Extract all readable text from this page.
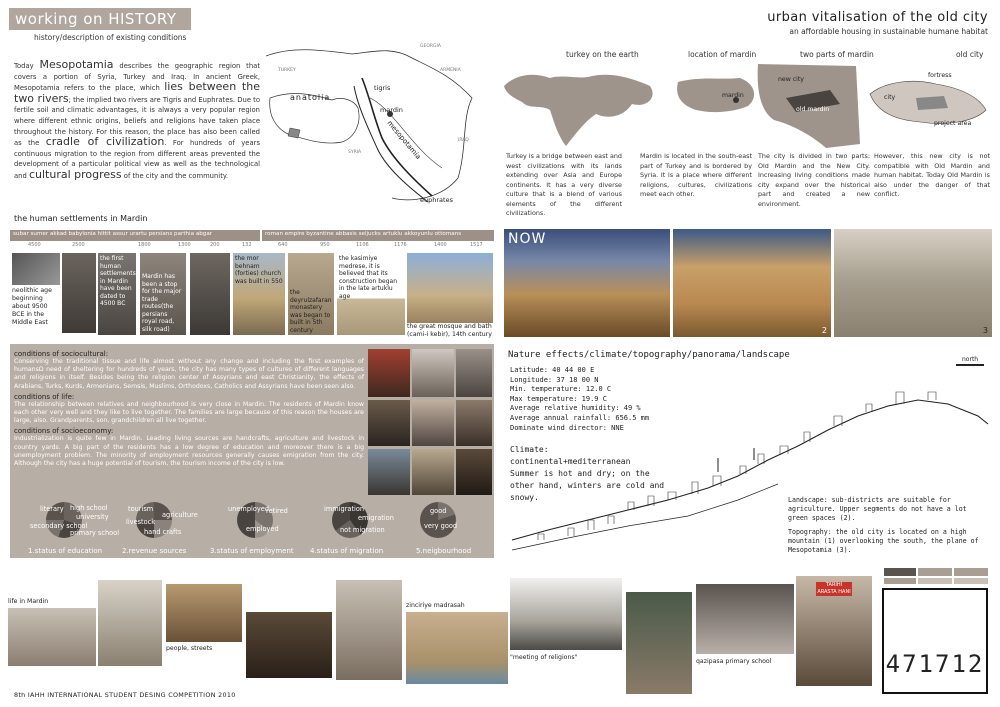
working on HISTORY
history/description of existing conditions
urban vitalisation of the old city
an affordable housing in sustainable humane habitat
Today Mesopotamia describes the geographic region that covers a portion of Syria, Turkey and Iraq. In ancient Greek, Mesopotamia refers to the place, which lies between the two rivers; the implied two rivers are Tigris and Euphrates. Due to fertile soil and climatic advantages, it is always a very popular region where different ethnic origins, beliefs and religions have taken place throughout the history. For this reason, the place has also been called as the cradle of civilization. For hundreds of years continuous migration to the region from different areas prevented the development of a particular political view as well as the technological and cultural progress of the city and the community.
anatolia
tigris
mardin
mesopotamia
euphrates
GEORGIA
ARMENIA
IRAQ
SYRIA
TURKEY
turkey on the earth	location of mardin	two parts of mardin	old city
mardin
new city
old mardin
fortress
city
project area
Turkey is a bridge between east and west civilizations with its lands extending over Asia and Europe continents. It has a very diverse culture that is a blend of various elements of the different civilizations.
Mardin is located in the south-east part of Turkey and is bordered by Syria. It is a place where different religions, cultures, civilizations meet each other.
The city is divided in two parts: Old Mardin and the New City. Increasing living conditions made city expand over the historical part and created a new environment.
However, this new city is not compatible with Old Mardin and human habitat. Today Old Mardin is also under the danger of that conflict.
the human settlements in Mardin
subar sumer akkad babylonia hittit assur urartu persians parthia abgar	roman empire byzantine abbasis seljucks artuklu akkoyunlu ottomans
4500	2500	1800	1300	200	132	640	950	1106	1176	1400	1517
neolithic age beginning about 9500 BCE in the Middle East
the first human settlements in Mardin have been dated to 4500 BC
Mardin has been a stop for the major trade routes(the persians royal road, silk road)
the mor behnam (forties) church was built in 550
the deyrulzafaran monastery was began to built in 5th century
the kasimiye medrese, it is believed that its construction began in the late artuklu age
the great mosque and bath (cami-i kebir), 14th century
NOW
2	3
conditions of sociocultural:
Conserving the traditional tissue and life almost without any change and including the first examples of humansΩ need of sheltering for hundreds of years, the city has many types of cultures of different languages and religions in itself. Besides being the religion center of Assyrians and east Christianity, the effects of Arabians, Turks, Kurds, Armenians, Semsis, Muslims, Orthodoxs, Catholics and Assyrians have been seen also.
conditions of life:
The relationship between relatives and neighbourhood is very close in Mardin. The residents of Mardin know each other very well and they like to live together. The families are large because of this reason the houses are large, also. Grandparents, son, grandchildren all live together.
conditions of socioeconomy:
Industrialization is quite few in Mardin. Leading living sources are handcrafts, agriculture and livestock in country yards. A big part of the residents has a low degree of education and moreover there is a big unemployment problem. The minority of employment resources generally causes emigration from the city. Although the city has a huge potential of tourism, the tourism income of the city is low.
literary high school
university
secondary school
primary school
1.status of education
tourism
agriculture
livestock
hand crafts
2.revenue sources
unemployed
retired
employed
3.status of employment
immigration
emigration
not migration
4.status of migration
good
very good
5.neigbourhood
Nature effects/climate/topography/panorama/landscape
Latitude: 40 44 00 E
Longitude: 37 18 00 N
Min. temperature: 12.0 C
Max temperature: 19.9 C
Average relative humidity: 49 %
Average annual rainfall: 656.5 mm
Dominate wind director: NNE
Climate: continental+mediterranean
Summer is hot and dry; on the other hand, winters are cold and snowy.
north
Landscape: sub-districts are suitable for agriculture. Upper segments do not have a lot green spaces (2).
Topography: the old city is located on a high mountain (1) overlooking the south, the plane of Mesopotamia (3).
life in Mardin
people, streets
zinciriye madrasah
"meeting of religions"
qazipasa primary school
TARIHI ARASTA HANI
471712
8th IAHH INTERNATIONAL STUDENT DESING COMPETITION 2010
